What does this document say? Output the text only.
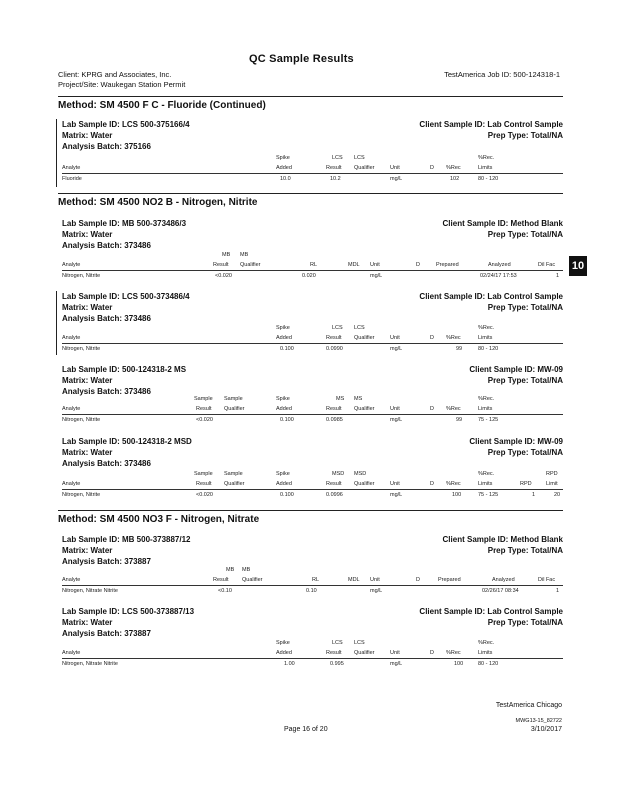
QC Sample Results
Client: KPRG and Associates, Inc.
Project/Site: Waukegan Station Permit
TestAmerica Job ID: 500-124318-1
Method: SM 4500 F C - Fluoride (Continued)
Lab Sample ID: LCS 500-375166/4
Matrix: Water
Analysis Batch: 375166
Client Sample ID: Lab Control Sample
Prep Type: Total/NA
Spike	LCS LCS	%Rec.
Analyte	Added	Result Qualifier	Unit	D %Rec	Limits
Fluoride	10.0	10.2	mg/L	102	80 - 120
Method: SM 4500 NO2 B - Nitrogen, Nitrite
Lab Sample ID: MB 500-373486/3
Matrix: Water
Analysis Batch: 373486
Client Sample ID: Method Blank
Prep Type: Total/NA
MB MB
Analyte	Result Qualifier	RL	MDL Unit	D	Prepared	Analyzed	Dil Fac
Nitrogen, Nitrite	<0.020	0.020	mg/L	02/24/17 17:53	1
10
Lab Sample ID: LCS 500-373486/4
Matrix: Water
Analysis Batch: 373486
Client Sample ID: Lab Control Sample
Prep Type: Total/NA
Spike	LCS LCS	%Rec.
Analyte	Added	Result Qualifier	Unit	D %Rec	Limits
Nitrogen, Nitrite	0.100	0.0990	mg/L	99	80 - 120
Lab Sample ID: 500-124318-2 MS
Matrix: Water
Analysis Batch: 373486
Client Sample ID: MW-09
Prep Type: Total/NA
Sample Sample	Spike	MS MS	%Rec.
Analyte	Result Qualifier	Added	Result Qualifier	Unit	D %Rec	Limits
Nitrogen, Nitrite	<0.020	0.100	0.0985	mg/L	99	75 - 125
Lab Sample ID: 500-124318-2 MSD
Matrix: Water
Analysis Batch: 373486
Client Sample ID: MW-09
Prep Type: Total/NA
Sample Sample	Spike	MSD MSD	%Rec.	RPD
Analyte	Result Qualifier	Added	Result Qualifier	Unit	D %Rec	Limits	RPD	Limit
Nitrogen, Nitrite	<0.020	0.100	0.0996	mg/L	100	75 - 125	1	20
Method: SM 4500 NO3 F - Nitrogen, Nitrate
Lab Sample ID: MB 500-373887/12
Matrix: Water
Analysis Batch: 373887
Client Sample ID: Method Blank
Prep Type: Total/NA
MB MB
Analyte	Result Qualifier	RL	MDL Unit	D	Prepared	Analyzed	Dil Fac
Nitrogen, Nitrate Nitrite	<0.10	0.10	mg/L	02/26/17 08:34	1
Lab Sample ID: LCS 500-373887/13
Matrix: Water
Analysis Batch: 373887
Client Sample ID: Lab Control Sample
Prep Type: Total/NA
Spike	LCS LCS	%Rec.
Analyte	Added	Result Qualifier	Unit	D %Rec	Limits
Nitrogen, Nitrate Nitrite	1.00	0.995	mg/L	100	80 - 120
TestAmerica Chicago
MWG13-15_82722
Page 16 of 20	3/10/2017
